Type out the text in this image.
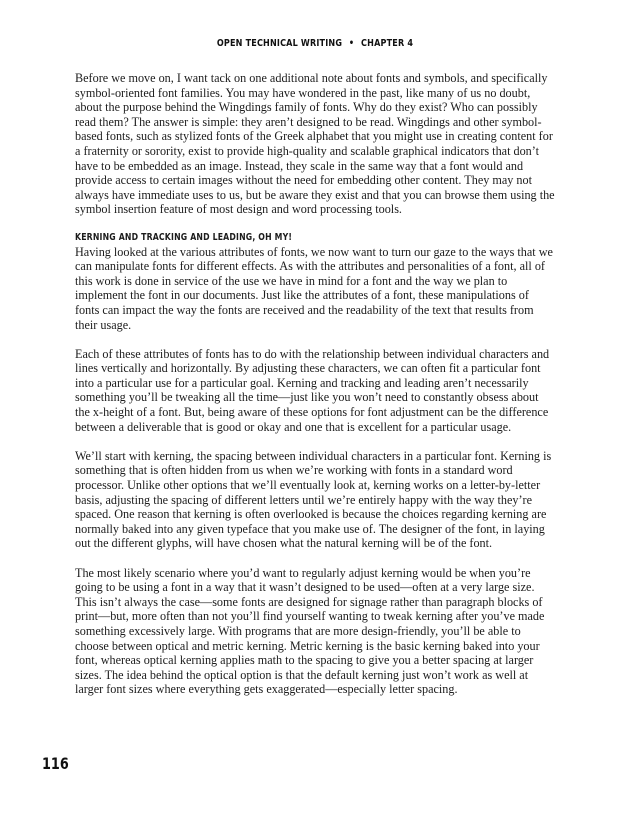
OPEN TECHNICAL WRITING • CHAPTER 4

Before we move on, I want tack on one additional note about fonts and symbols, and specifically symbol-oriented font families. You may have wondered in the past, like many of us no doubt, about the purpose behind the Wingdings family of fonts. Why do they exist? Who can possibly read them? The answer is simple: they aren’t designed to be read. Wingdings and other symbol-based fonts, such as stylized fonts of the Greek alphabet that you might use in creating content for a fraternity or sorority, exist to provide high-quality and scalable graphical indicators that don’t have to be embedded as an image. Instead, they scale in the same way that a font would and provide access to certain images without the need for embedding other content. They may not always have immediate uses to us, but be aware they exist and that you can browse them using the symbol insertion feature of most design and word processing tools.

KERNING AND TRACKING AND LEADING, OH MY!

Having looked at the various attributes of fonts, we now want to turn our gaze to the ways that we can manipulate fonts for different effects. As with the attributes and personalities of a font, all of this work is done in service of the use we have in mind for a font and the way we plan to implement the font in our documents. Just like the attributes of a font, these manipulations of fonts can impact the way the fonts are received and the readability of the text that results from their usage.

Each of these attributes of fonts has to do with the relationship between individual characters and lines vertically and horizontally. By adjusting these characters, we can often fit a particular font into a particular use for a particular goal. Kerning and tracking and leading aren’t necessarily something you’ll be tweaking all the time—just like you won’t need to constantly obsess about the x-height of a font. But, being aware of these options for font adjustment can be the difference between a deliverable that is good or okay and one that is excellent for a particular usage.

We’ll start with kerning, the spacing between individual characters in a particular font. Kerning is something that is often hidden from us when we’re working with fonts in a standard word processor. Unlike other options that we’ll eventually look at, kerning works on a letter-by-letter basis, adjusting the spacing of different letters until we’re entirely happy with the way they’re spaced. One reason that kerning is often overlooked is because the choices regarding kerning are normally baked into any given typeface that you make use of. The designer of the font, in laying out the different glyphs, will have chosen what the natural kerning will be of the font.

The most likely scenario where you’d want to regularly adjust kerning would be when you’re going to be using a font in a way that it wasn’t designed to be used—often at a very large size. This isn’t always the case—some fonts are designed for signage rather than paragraph blocks of print—but, more often than not you’ll find yourself wanting to tweak kerning after you’ve made something excessively large. With programs that are more design-friendly, you’ll be able to choose between optical and metric kerning. Metric kerning is the basic kerning baked into your font, whereas optical kerning applies math to the spacing to give you a better spacing at larger sizes. The idea behind the optical option is that the default kerning just won’t work as well at larger font sizes where everything gets exaggerated—especially letter spacing.

116
